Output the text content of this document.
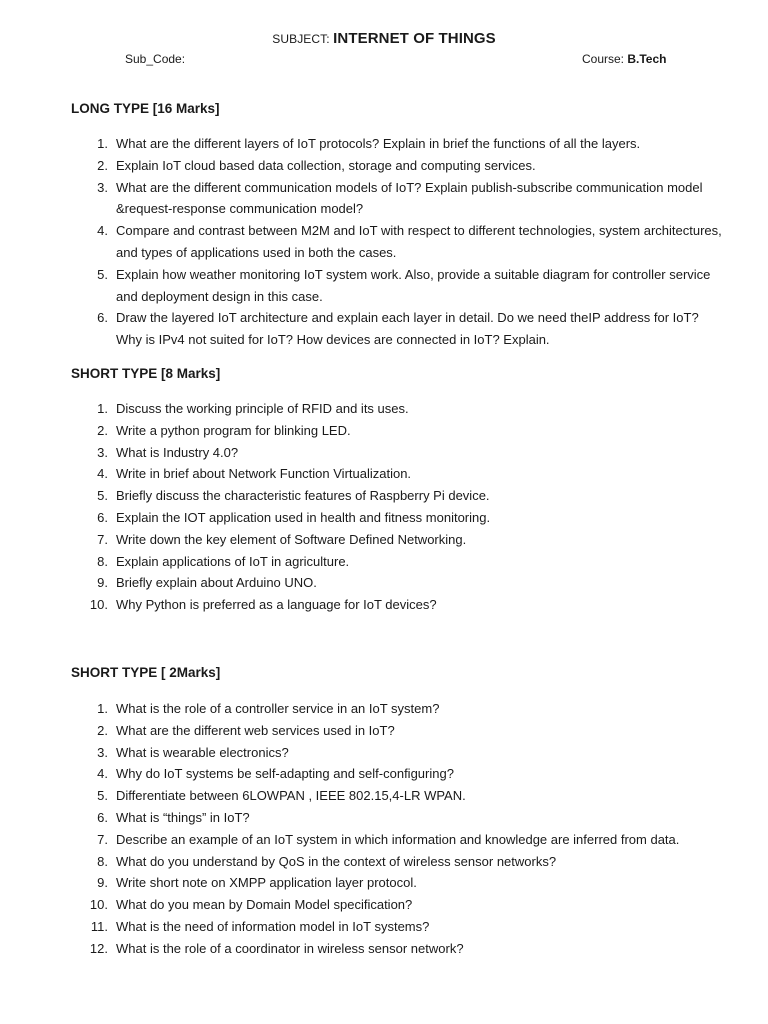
SUBJECT: INTERNET OF THINGS
Sub_Code:	Course: B.Tech
LONG TYPE [16 Marks]
1. What are the different layers of IoT protocols? Explain in brief the functions of all the layers.
2. Explain IoT cloud based data collection, storage and computing services.
3. What are the different communication models of IoT? Explain publish-subscribe communication model &request-response communication model?
4. Compare and contrast between M2M and IoT with respect to different technologies, system architectures, and types of applications used in both the cases.
5. Explain how weather monitoring IoT system work. Also, provide a suitable diagram for controller service and deployment design in this case.
6. Draw the layered IoT architecture and explain each layer in detail. Do we need theIP address for IoT? Why is IPv4 not suited for IoT? How devices are connected in IoT? Explain.
SHORT TYPE [8 Marks]
1. Discuss the working principle of RFID and its uses.
2. Write a python program for blinking LED.
3. What is Industry 4.0?
4. Write in brief about Network Function Virtualization.
5. Briefly discuss the characteristic features of Raspberry Pi device.
6. Explain the IOT application used in health and fitness monitoring.
7. Write down the key element of Software Defined Networking.
8. Explain applications of IoT in agriculture.
9. Briefly explain about Arduino UNO.
10. Why Python is preferred as a language for IoT devices?
SHORT TYPE [ 2Marks]
1. What is the role of a controller service in an IoT system?
2. What are the different web services used in IoT?
3. What is wearable electronics?
4. Why do IoT systems be self-adapting and self-configuring?
5. Differentiate between 6LOWPAN , IEEE 802.15,4-LR WPAN.
6. What is “things” in IoT?
7. Describe an example of an IoT system in which information and knowledge are inferred from data.
8. What do you understand by QoS in the context of wireless sensor networks?
9. Write short note on XMPP application layer protocol.
10. What do you mean by Domain Model specification?
11. What is the need of information model in IoT systems?
12. What is the role of a coordinator in wireless sensor network?
